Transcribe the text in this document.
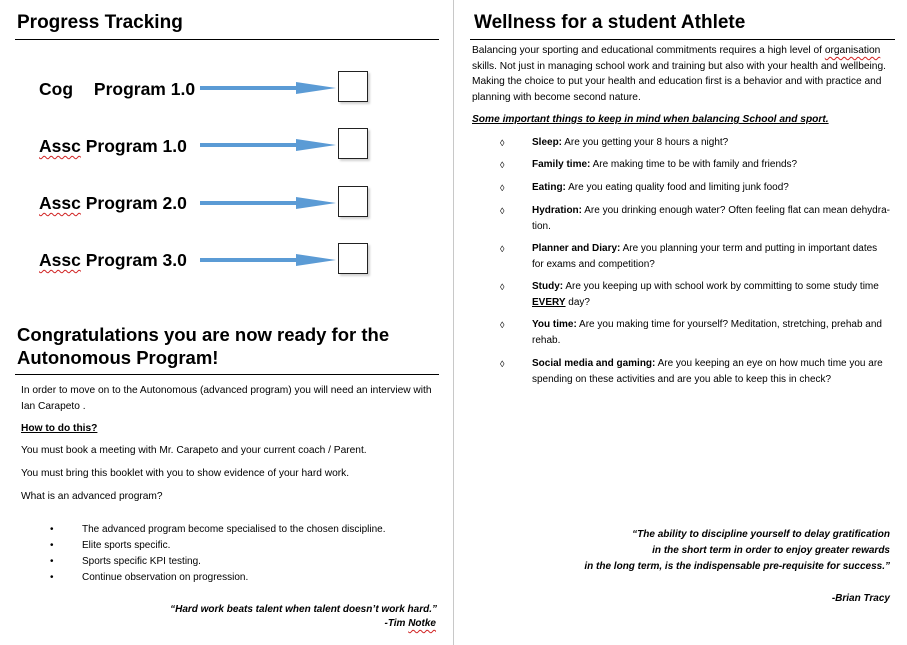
Progress Tracking
Cog Program 1.0
Assc Program 1.0
Assc Program 2.0
Assc Program 3.0
Congratulations you are now ready for the
Autonomous Program!
In order to move on to the Autonomous (advanced program) you will need an interview with
Ian Carapeto .
How to do this?
You must book a meeting with Mr. Carapeto and your current coach / Parent.
You must bring this booklet with you to show evidence of your hard work.
What is an advanced program?
•	The advanced program become specialised to the chosen discipline.
•	Elite sports specific.
•	Sports specific KPI testing.
•	Continue observation on progression.
“Hard work beats talent when talent doesn’t work hard.”
-Tim Notke
Wellness for a student Athlete
Balancing your sporting and educational commitments requires a high level of organisation
skills. Not just in managing school work and training but also with your health and wellbeing.
Making the choice to put your health and education first is a behavior and with practice and
planning with become second nature.
Some important things to keep in mind when balancing School and sport.
◊	Sleep: Are you getting your 8 hours a night?
◊	Family time: Are making time to be with family and friends?
◊	Eating: Are you eating quality food and limiting junk food?
◊	Hydration: Are you drinking enough water? Often feeling flat can mean dehydra-
tion.
◊	Planner and Diary: Are you planning your term and putting in important dates
for exams and competition?
◊	Study: Are you keeping up with school work by committing to some study time
EVERY day?
◊	You time: Are you making time for yourself? Meditation, stretching, prehab and
rehab.
◊	Social media and gaming: Are you keeping an eye on how much time you are
spending on these activities and are you able to keep this in check?
“The ability to discipline yourself to delay gratification
in the short term in order to enjoy greater rewards
in the long term, is the indispensable pre-requisite for success.”
-Brian Tracy
